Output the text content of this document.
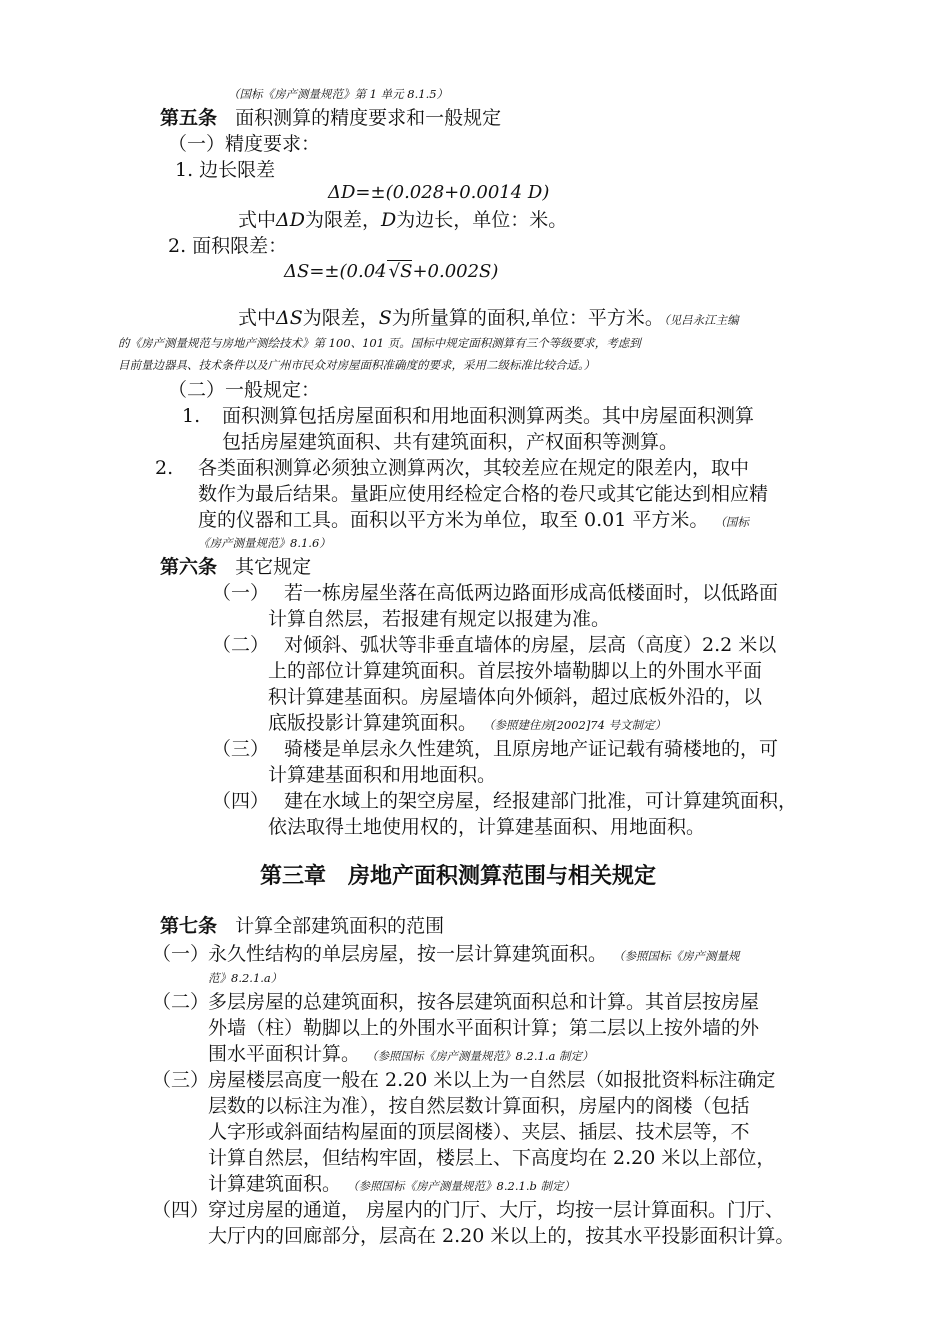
（国标《房产测量规范》第 1 单元 8.1.5）
第五条 面积测算的精度要求和一般规定
（一）精度要求：
1. 边长限差
ΔD=±(0.028+0.0014 D)
式中ΔD为限差，D为边长，单位：米。
2. 面积限差：
ΔS=±(0.04 √S+0.002S)
式中ΔS为限差，S为所量算的面积,单位：平方米。（见吕永江主编
的《房产测量规范与房地产测绘技术》第 100、101 页。国标中规定面积测算有三个等级要求，考虑到
目前量边器具、技术条件以及广州市民众对房屋面积准确度的要求，采用二级标准比较合适。）
（二）一般规定：
1. 面积测算包括房屋面积和用地面积测算两类。其中房屋面积测算
包括房屋建筑面积、共有建筑面积，产权面积等测算。
2. 各类面积测算必须独立测算两次，其较差应在规定的限差内，取中
数作为最后结果。量距应使用经检定合格的卷尺或其它能达到相应精
度的仪器和工具。面积以平方米为单位，取至 0.01 平方米。 （国标
《房产测量规范》8.1.6）
第六条 其它规定
（一） 若一栋房屋坐落在高低两边路面形成高低楼面时，以低路面
计算自然层，若报建有规定以报建为准。
（二） 对倾斜、弧状等非垂直墙体的房屋，层高（高度）2.2 米以
上的部位计算建筑面积。首层按外墙勒脚以上的外围水平面
积计算建基面积。房屋墙体向外倾斜，超过底板外沿的，以
底版投影计算建筑面积。 （参照建住房[2002]74 号文制定）
（三） 骑楼是单层永久性建筑，且原房地产证记载有骑楼地的，可
计算建基面积和用地面积。
（四） 建在水域上的架空房屋，经报建部门批准，可计算建筑面积，
依法取得土地使用权的，计算建基面积、用地面积。
第三章　房地产面积测算范围与相关规定
第七条 计算全部建筑面积的范围
（一）
永久性结构的单层房屋，按一层计算建筑面积。 （参照国标《房产测量规
范》8.2.1.a）
（二）
多层房屋的总建筑面积，按各层建筑面积总和计算。其首层按房屋
外墙（柱）勒脚以上的外围水平面积计算；第二层以上按外墙的外
围水平面积计算。 （参照国标《房产测量规范》8.2.1.a 制定）
（三）
房屋楼层高度一般在 2.20 米以上为一自然层（如报批资料标注确定
层数的以标注为准），按自然层数计算面积，房屋内的阁楼（包括
人字形或斜面结构屋面的顶层阁楼）、夹层、插层、技术层等，不
计算自然层，但结构牢固，楼层上、下高度均在 2.20 米以上部位，
计算建筑面积。 （参照国标《房产测量规范》8.2.1.b 制定）
（四）
穿过房屋的通道， 房屋内的门厅、大厅，均按一层计算面积。门厅、
大厅内的回廊部分，层高在 2.20 米以上的，按其水平投影面积计算。
